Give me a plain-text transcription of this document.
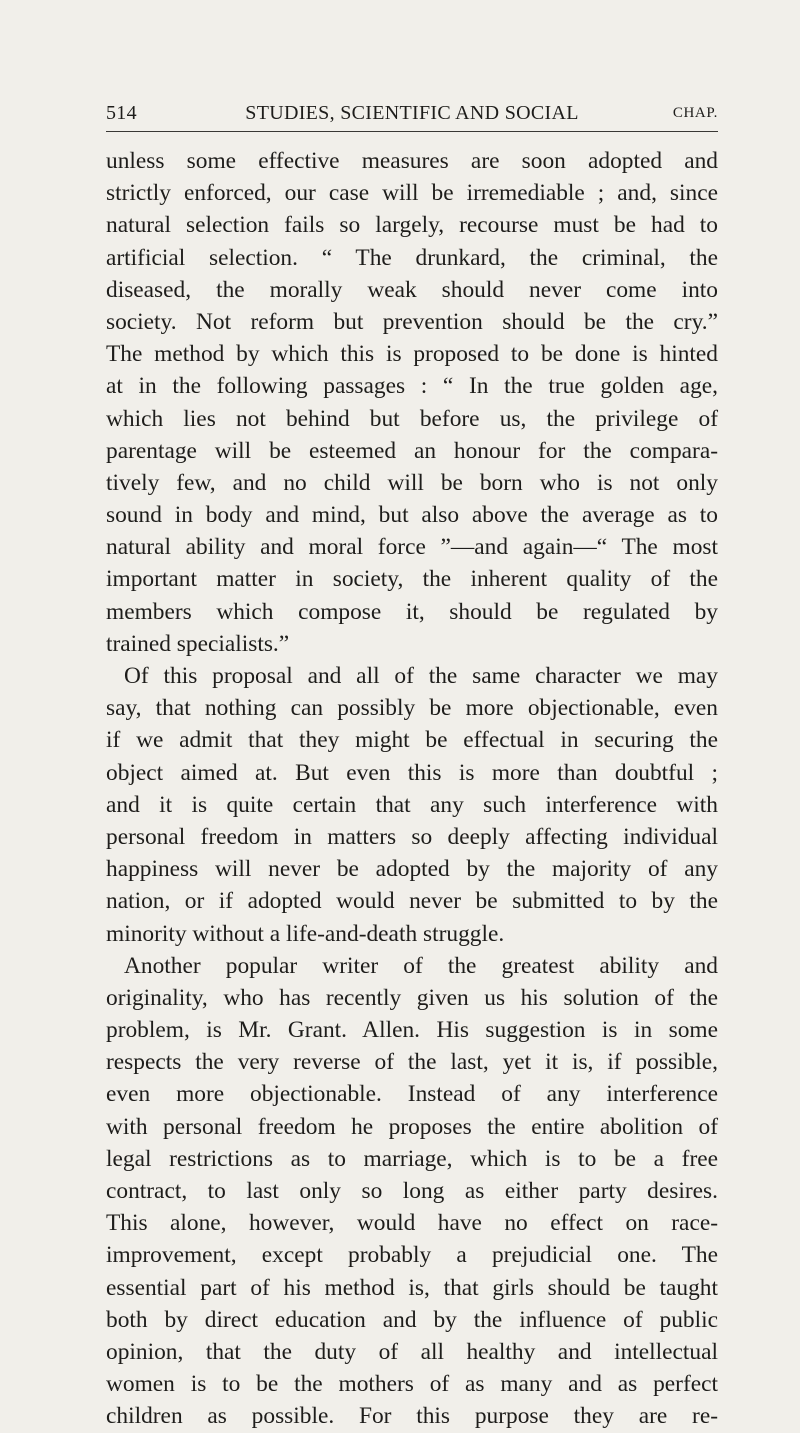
514	STUDIES, SCIENTIFIC AND SOCIAL	CHAP.
unless some effective measures are soon adopted and
strictly enforced, our case will be irremediable ; and, since
natural selection fails so largely, recourse must be had to
artificial selection. “ The drunkard, the criminal, the
diseased, the morally weak should never come into
society. Not reform but prevention should be the cry.”
The method by which this is proposed to be done is hinted
at in the following passages : “ In the true golden age,
which lies not behind but before us, the privilege of
parentage will be esteemed an honour for the compara-
tively few, and no child will be born who is not only
sound in body and mind, but also above the average as to
natural ability and moral force ”—and again—“ The most
important matter in society, the inherent quality of the
members which compose it, should be regulated by
trained specialists.”
Of this proposal and all of the same character we may
say, that nothing can possibly be more objectionable, even
if we admit that they might be effectual in securing the
object aimed at. But even this is more than doubtful ;
and it is quite certain that any such interference with
personal freedom in matters so deeply affecting individual
happiness will never be adopted by the majority of any
nation, or if adopted would never be submitted to by the
minority without a life-and-death struggle.
Another popular writer of the greatest ability and
originality, who has recently given us his solution of the
problem, is Mr. Grant. Allen. His suggestion is in some
respects the very reverse of the last, yet it is, if possible,
even more objectionable. Instead of any interference
with personal freedom he proposes the entire abolition of
legal restrictions as to marriage, which is to be a free
contract, to last only so long as either party desires.
This alone, however, would have no effect on race-
improvement, except probably a prejudicial one. The
essential part of his method is, that girls should be taught
both by direct education and by the influence of public
opinion, that the duty of all healthy and intellectual
women is to be the mothers of as many and as perfect
children as possible. For this purpose they are re-
